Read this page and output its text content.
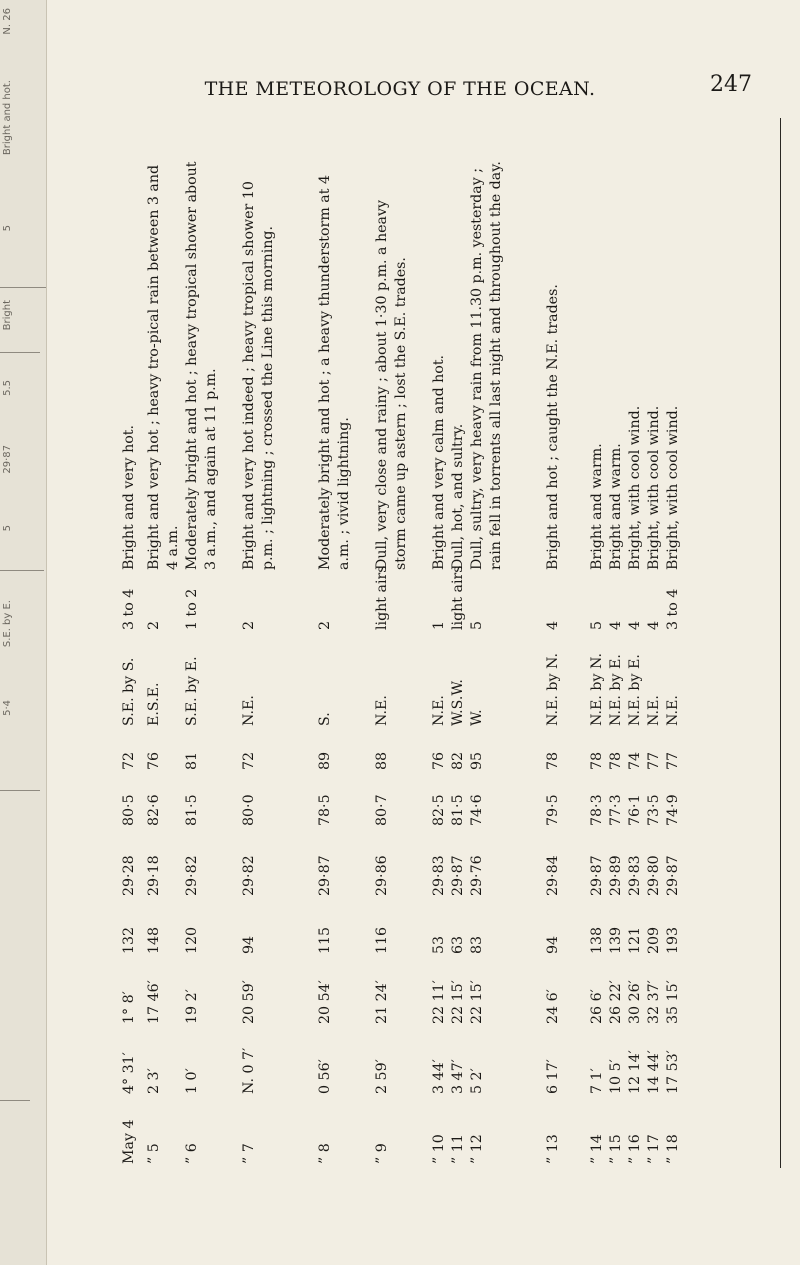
N. 26
Bright and hot.
5
Bright
5.5
29·87
5
S.E. by E.
5·4
THE METEOROLOGY OF THE OCEAN.	247
May 4
4° 31′
1° 8′
132
29·28
80·5
72
S.E. by S.
3 to 4
Bright and very hot.
” 5
2 3′
17 46′
148
29·18
82·6
76
E.S.E.
2
Bright and very hot ; heavy tro-pical rain between 3 and 4 a.m.
” 6
1 0′
19 2′
120
29·82
81·5
81
S.E. by E.
1 to 2
Moderately bright and hot ; heavy tropical shower about 3 a.m., and again at 11 p.m.
” 7
N. 0 7′
20 59′
94
29·82
80·0
72
N.E.
2
Bright and very hot indeed ; heavy tropical shower 10 p.m. ; lightning ; crossed the Line this morning.
” 8
0 56′
20 54′
115
29·87
78·5
89
S.
2
Moderately bright and hot ; a heavy thunderstorm at 4 a.m. ; vivid lightning.
” 9
2 59′
21 24′
116
29·86
80·7
88
N.E.
light airs
Dull, very close and rainy ; about 1·30 p.m. a heavy storm came up astern ; lost the S.E. trades.
” 10
3 44′
22 11′
53
29·83
82·5
76
N.E.
1
Bright and very calm and hot.
” 11
3 47′
22 15′
63
29·87
81·5
82
W.S.W.
light airs
Dull, hot, and sultry.
” 12
5 2′
22 15′
83
29·76
74·6
95
W.
5
Dull, sultry, very heavy rain from 11.30 p.m. yesterday ; rain fell in torrents all last night and throughout the day.
” 13
6 17′
24 6′
94
29·84
79·5
78
N.E. by N.
4
Bright and hot ; caught the N.E. trades.
” 14
7 1′
26 6′
138
29·87
78·3
78
N.E. by N.
5
Bright and warm.
” 15
10 5′
26 22′
139
29·89
77·3
78
N.E. by E.
4
Bright and warm.
” 16
12 14′
30 26′
121
29·83
76·1
74
N.E. by E.
4
Bright, with cool wind.
” 17
14 44′
32 37′
209
29·80
73·5
77
N.E.
4
Bright, with cool wind.
” 18
17 53′
35 15′
193
29·87
74·9
77
N.E.
3 to 4
Bright, with cool wind.
